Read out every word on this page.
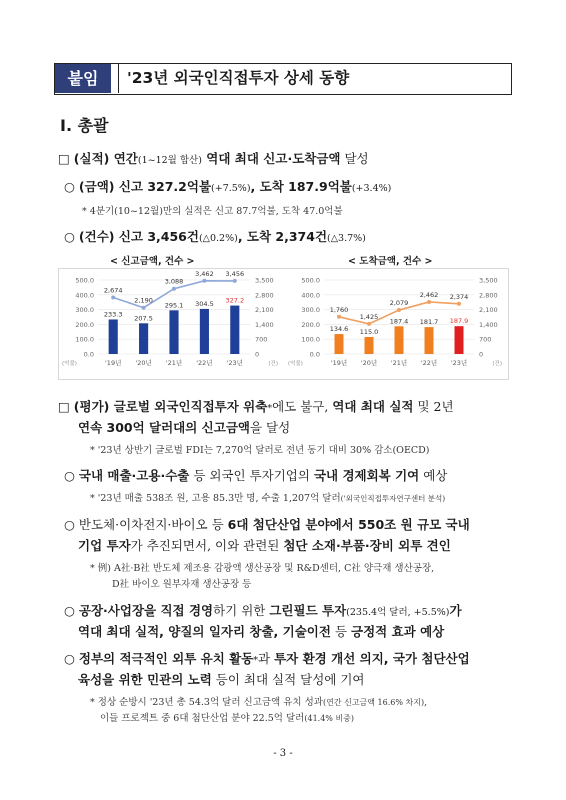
붙임	'23년 외국인직접투자 상세 동향
Ⅰ. 총괄
□ (실적) 연간(1~12월 합산) 역대 최대 신고·도착금액 달성
○ (금액) 신고 327.2억불(+7.5%), 도착 187.9억불(+3.4%)
* 4분기(10~12월)만의 실적은 신고 87.7억불, 도착 47.0억불
○ (건수) 신고 3,456건(△0.2%), 도착 2,374건(△3.7%)
< 신고금액, 건수 >	< 도착금액, 건수 >
500.0
400.0
300.0
200.0
100.0
0.0
3,500
2,800
2,100
1,400
700
0
(억불)	(건)
233.3
'19년
207.5
'20년
295.1
'21년
304.5
'22년
327.2
'23년
2,674
2,190
3,088
3,462 3,456
500.0
400.0
300.0
200.0
100.0
0.0
3,500
2,800
2,100
1,400
700
0
(억불)	(건)
134.6
'19년
115.0
'20년
187.4
'21년
181.7
'22년
187.9
'23년
1,760
1,425
2,079
2,462 2,374
□ (평가) 글로벌 외국인직접투자 위축*에도 불구, 역대 최대 실적 및 2년
연속 300억 달러대의 신고금액을 달성
* '23년 상반기 글로벌 FDI는 7,270억 달러로 전년 동기 대비 30% 감소(OECD)
○ 국내 매출·고용·수출 등 외국인 투자기업의 국내 경제회복 기여 예상
* '23년 매출 538조 원, 고용 85.3만 명, 수출 1,207억 달러('외국인직접투자연구센터 분석)
○ 반도체·이차전지·바이오 등 6대 첨단산업 분야에서 550조 원 규모 국내
기업 투자가 추진되면서, 이와 관련된 첨단 소재·부품·장비 외투 견인
* 例) A社·B社 반도체 제조용 감광액 생산공장 및 R&D센터, C社 양극재 생산공장,
D社 바이오 원부자재 생산공장 등
○ 공장·사업장을 직접 경영하기 위한 그린필드 투자(235.4억 달러, +5.5%)가
역대 최대 실적, 양질의 일자리 창출, 기술이전 등 긍정적 효과 예상
○ 정부의 적극적인 외투 유치 활동*과 투자 환경 개선 의지, 국가 첨단산업
육성을 위한 민관의 노력 등이 최대 실적 달성에 기여
* 정상 순방시 '23년 총 54.3억 달러 신고금액 유치 성과(연간 신고금액 16.6% 차지),
이들 프로젝트 중 6대 첨단산업 분야 22.5억 달러(41.4% 비중)
- 3 -
